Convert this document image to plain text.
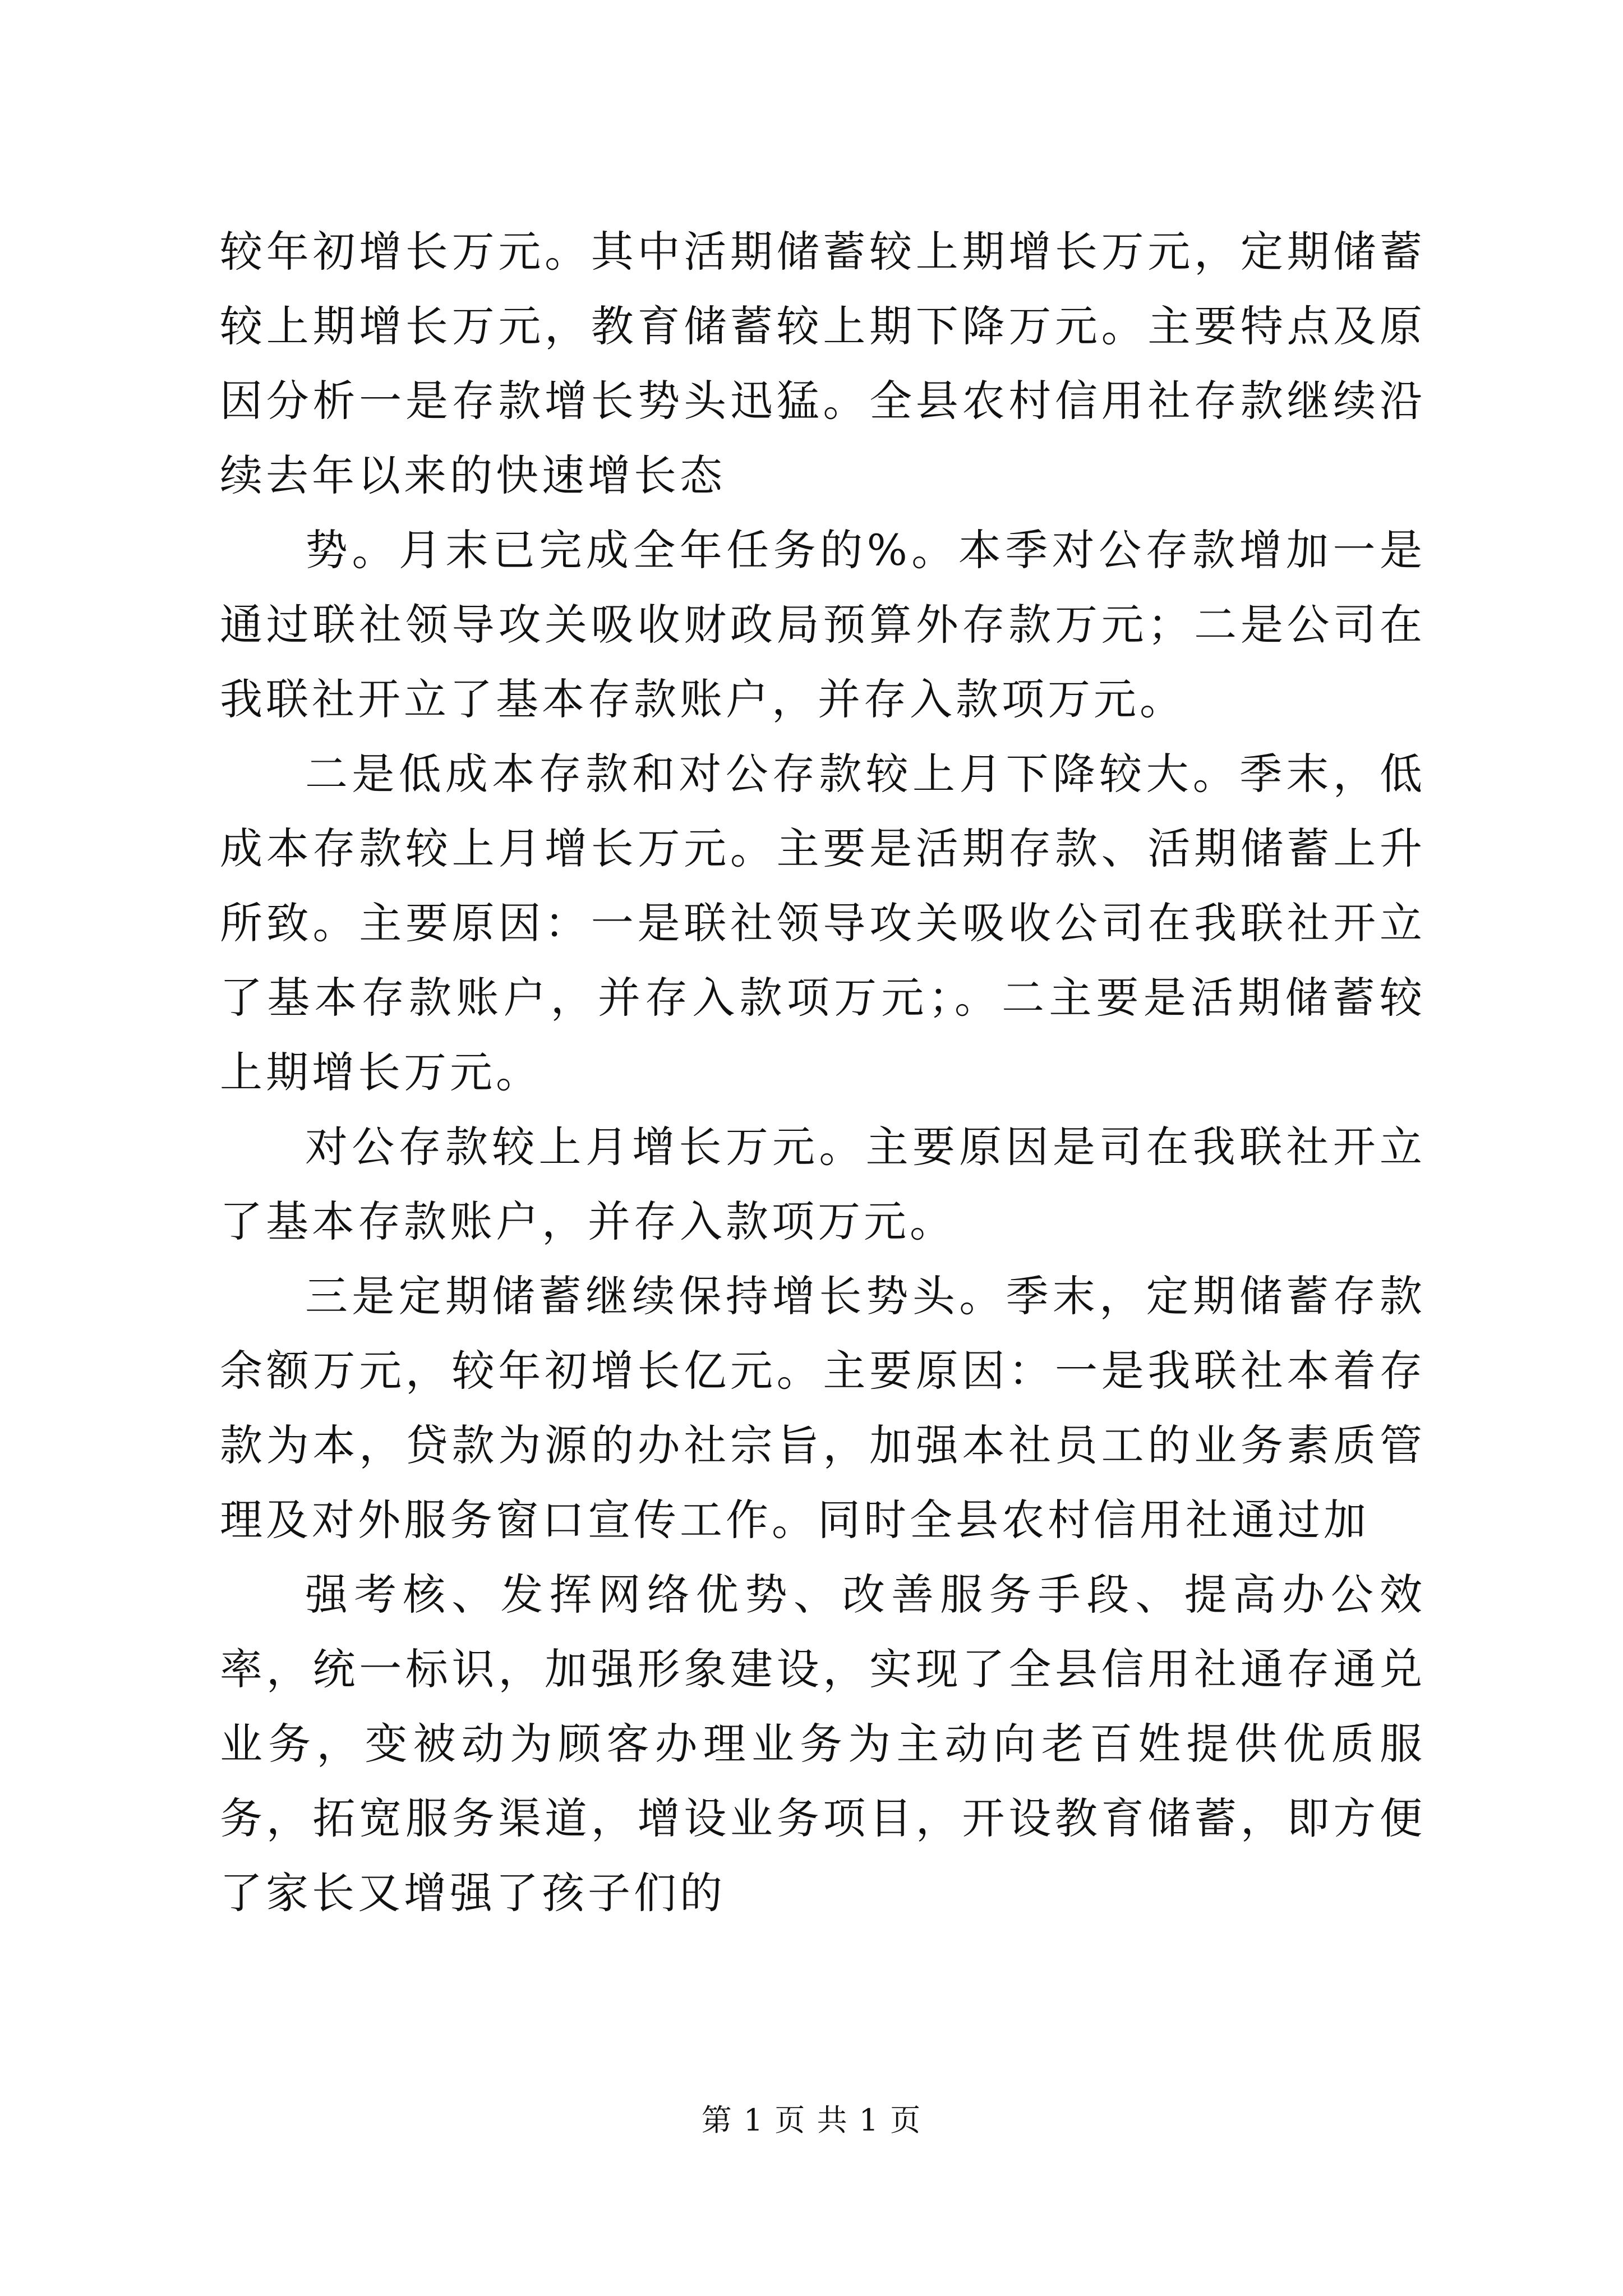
较年初增长万元。其中活期储蓄较上期增长万元，定期储蓄较上期增长万元，教育储蓄较上期下降万元。主要特点及原因分析一是存款增长势头迅猛。全县农村信用社存款继续沿续去年以来的快速增长态

势。月末已完成全年任务的%。本季对公存款增加一是通过联社领导攻关吸收财政局预算外存款万元；二是公司在我联社开立了基本存款账户，并存入款项万元。

二是低成本存款和对公存款较上月下降较大。季末，低成本存款较上月增长万元。主要是活期存款、活期储蓄上升所致。主要原因：一是联社领导攻关吸收公司在我联社开立了基本存款账户，并存入款项万元；。二主要是活期储蓄较上期增长万元。

对公存款较上月增长万元。主要原因是司在我联社开立了基本存款账户，并存入款项万元。

三是定期储蓄继续保持增长势头。季末，定期储蓄存款余额万元，较年初增长亿元。主要原因：一是我联社本着存款为本，贷款为源的办社宗旨，加强本社员工的业务素质管理及对外服务窗口宣传工作。同时全县农村信用社通过加

强考核、发挥网络优势、改善服务手段、提高办公效率，统一标识，加强形象建设，实现了全县信用社通存通兑业务，变被动为顾客办理业务为主动向老百姓提供优质服务，拓宽服务渠道，增设业务项目，开设教育储蓄，即方便了家长又增强了孩子们的

第 1 页 共 1 页
